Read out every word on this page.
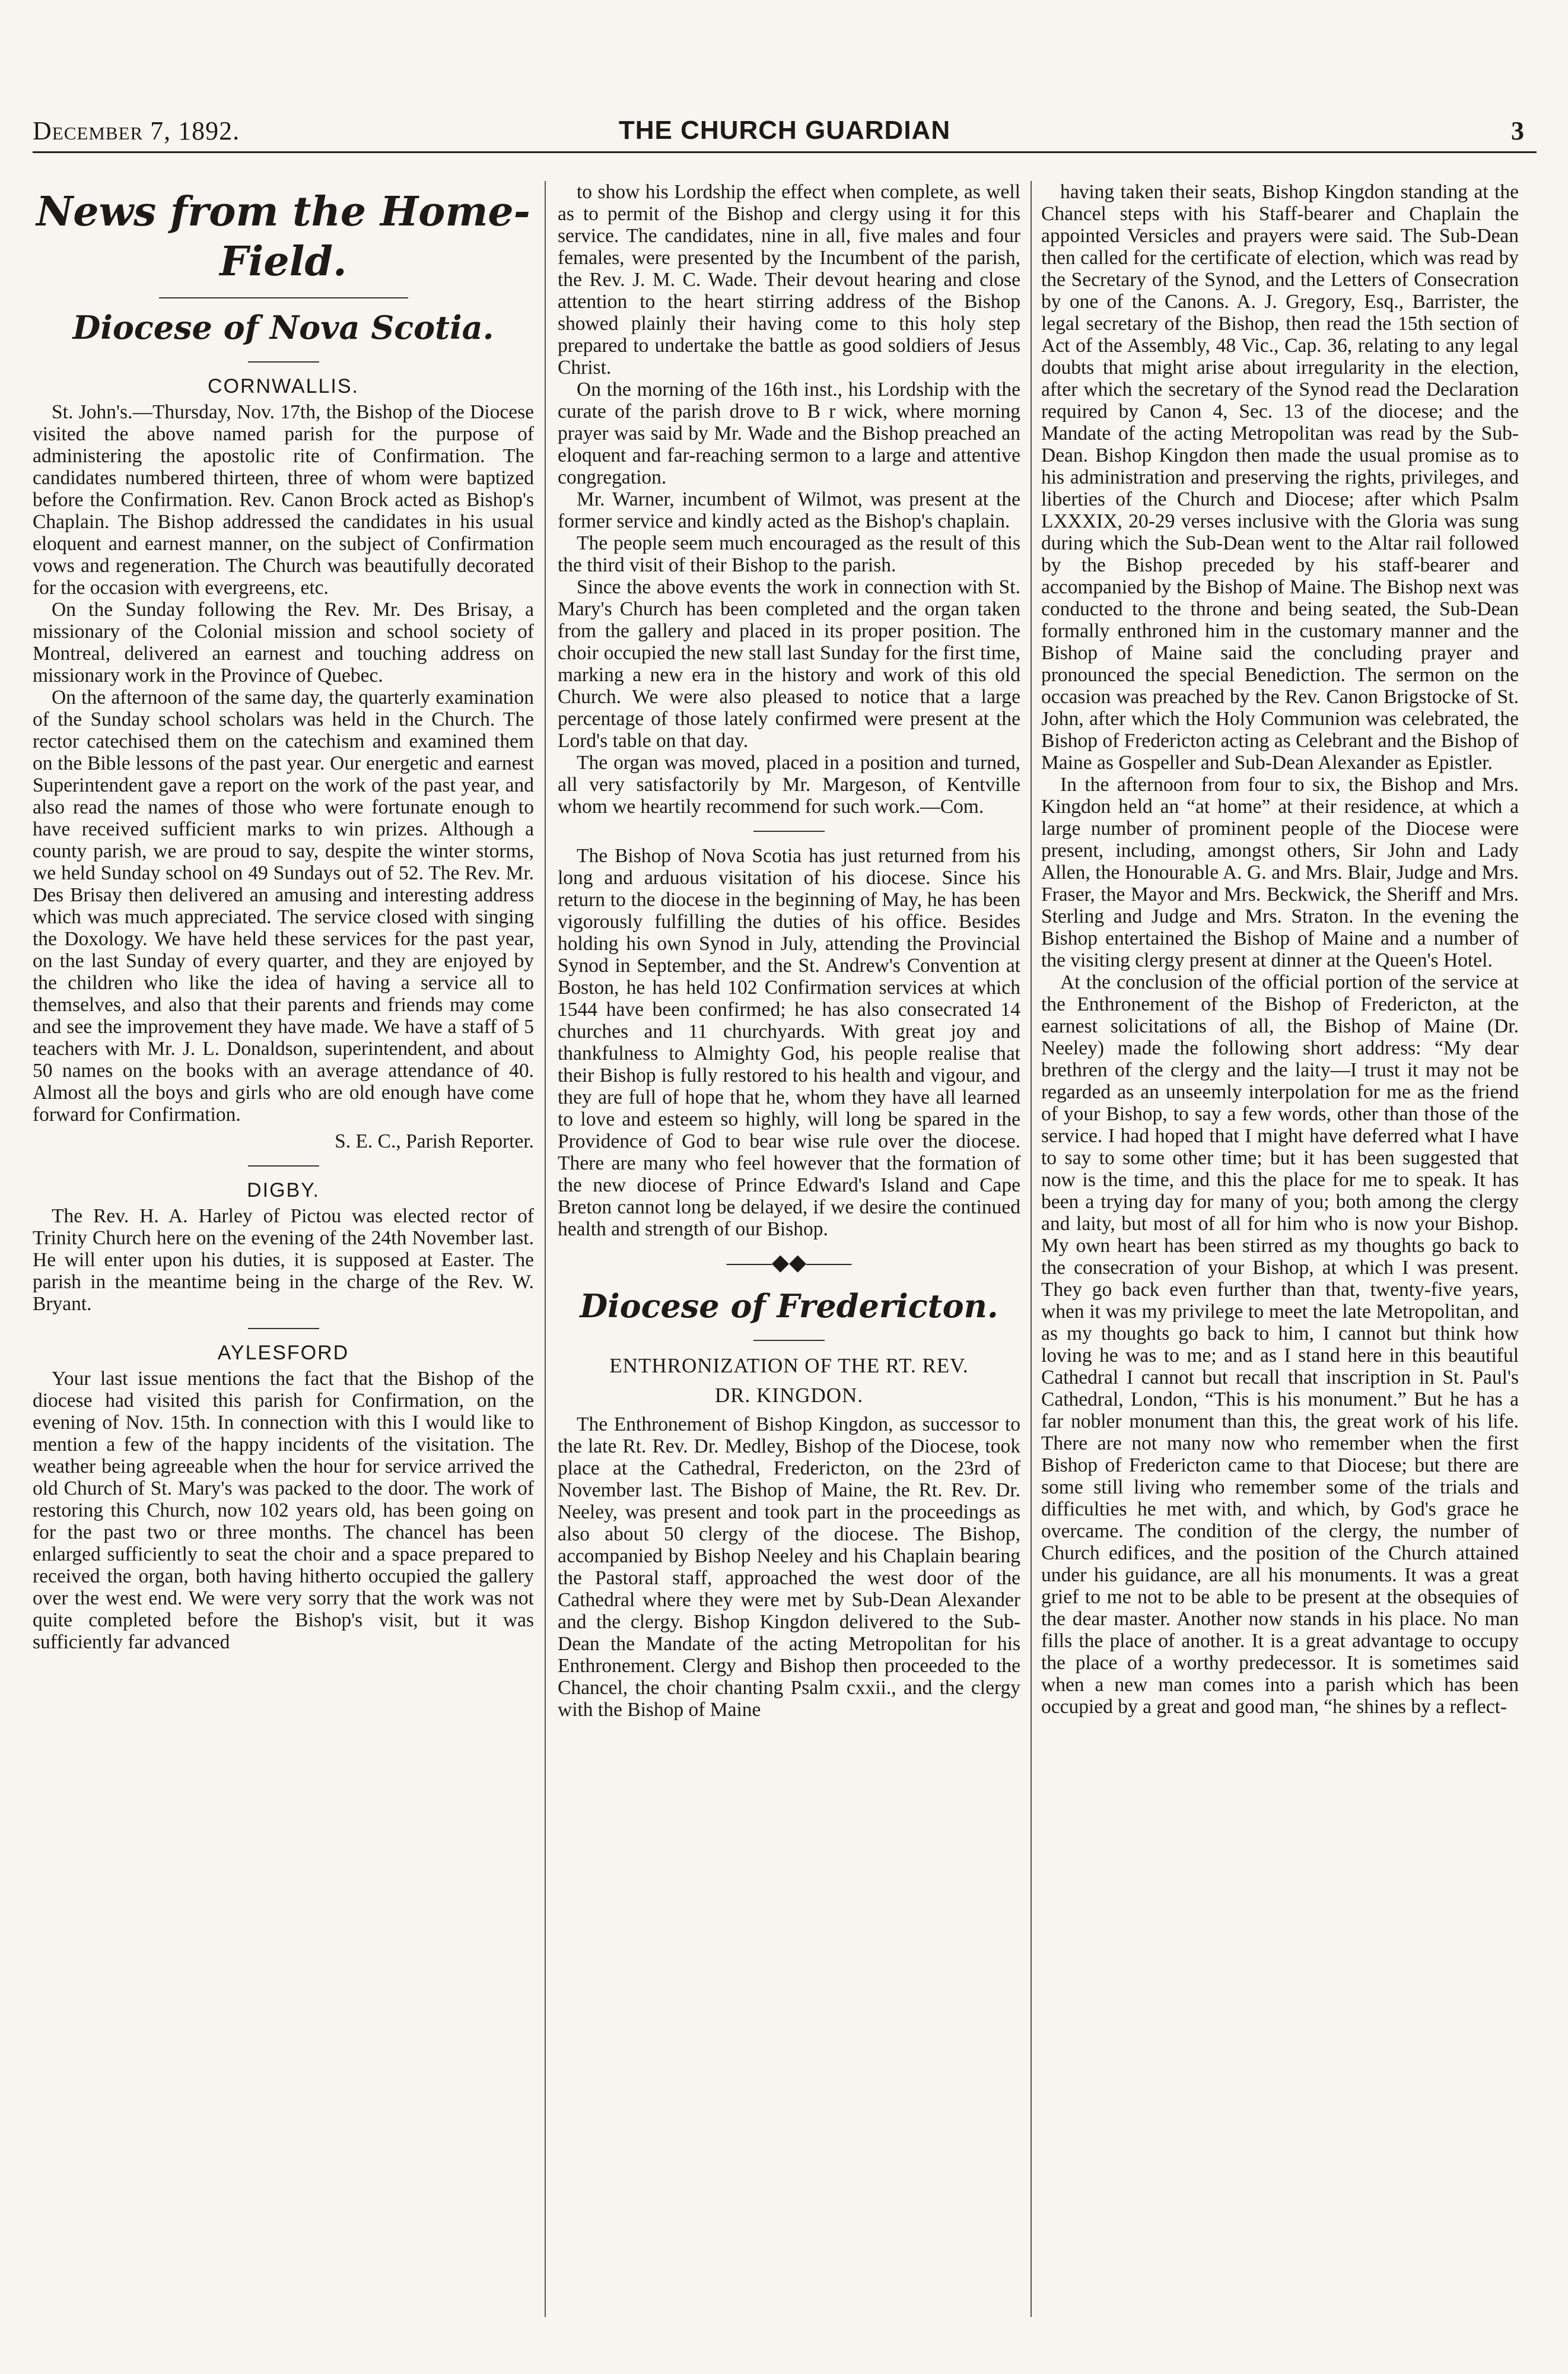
December 7, 1892.	THE CHURCH GUARDIAN	3
News from the Home-Field.
Diocese of Nova Scotia.
CORNWALLIS.

St. John's.—Thursday, Nov. 17th, the Bishop of the Diocese visited the above named parish for the purpose of administering the apostolic rite of Confirmation. The candidates numbered thirteen, three of whom were baptized before the Confirmation. Rev. Canon Brock acted as Bishop's Chaplain. The Bishop addressed the candidates in his usual eloquent and earnest manner, on the subject of Confirmation vows and regeneration. The Church was beautifully decorated for the occasion with evergreens, etc.

On the Sunday following the Rev. Mr. Des Brisay, a missionary of the Colonial mission and school society of Montreal, delivered an earnest and touching address on missionary work in the Province of Quebec.

On the afternoon of the same day, the quarterly examination of the Sunday school scholars was held in the Church. The rector catechised them on the catechism and examined them on the Bible lessons of the past year. Our energetic and earnest Superintendent gave a report on the work of the past year, and also read the names of those who were fortunate enough to have received sufficient marks to win prizes. Although a county parish, we are proud to say, despite the winter storms, we held Sunday school on 49 Sundays out of 52. The Rev. Mr. Des Brisay then delivered an amusing and interesting address which was much appreciated. The service closed with singing the Doxology. We have held these services for the past year, on the last Sunday of every quarter, and they are enjoyed by the children who like the idea of having a service all to themselves, and also that their parents and friends may come and see the improvement they have made. We have a staff of 5 teachers with Mr. J. L. Donaldson, superintendent, and about 50 names on the books with an average attendance of 40. Almost all the boys and girls who are old enough have come forward for Confirmation.

S. E. C., Parish Reporter.

DIGBY.

The Rev. H. A. Harley of Pictou was elected rector of Trinity Church here on the evening of the 24th November last. He will enter upon his duties, it is supposed at Easter. The parish in the meantime being in the charge of the Rev. W. Bryant.

AYLESFORD

Your last issue mentions the fact that the Bishop of the diocese had visited this parish for Confirmation, on the evening of Nov. 15th. In connection with this I would like to mention a few of the happy incidents of the visitation. The weather being agreeable when the hour for service arrived the old Church of St. Mary's was packed to the door. The work of restoring this Church, now 102 years old, has been going on for the past two or three months. The chancel has been enlarged sufficiently to seat the choir and a space prepared to received the organ, both having hitherto occupied the gallery over the west end. We were very sorry that the work was not quite completed before the Bishop's visit, but it was sufficiently far advanced

to show his Lordship the effect when complete, as well as to permit of the Bishop and clergy using it for this service. The candidates, nine in all, five males and four females, were presented by the Incumbent of the parish, the Rev. J. M. C. Wade. Their devout hearing and close attention to the heart stirring address of the Bishop showed plainly their having come to this holy step prepared to undertake the battle as good soldiers of Jesus Christ.

On the morning of the 16th inst., his Lordship with the curate of the parish drove to B r wick, where morning prayer was said by Mr. Wade and the Bishop preached an eloquent and far-reaching sermon to a large and attentive congregation.

Mr. Warner, incumbent of Wilmot, was present at the former service and kindly acted as the Bishop's chaplain.

The people seem much encouraged as the result of this the third visit of their Bishop to the parish.

Since the above events the work in connection with St. Mary's Church has been completed and the organ taken from the gallery and placed in its proper position. The choir occupied the new stall last Sunday for the first time, marking a new era in the history and work of this old Church. We were also pleased to notice that a large percentage of those lately confirmed were present at the Lord's table on that day.

The organ was moved, placed in a position and turned, all very satisfactorily by Mr. Margeson, of Kentville whom we heartily recommend for such work.—Com.

The Bishop of Nova Scotia has just returned from his long and arduous visitation of his diocese. Since his return to the diocese in the beginning of May, he has been vigorously fulfilling the duties of his office. Besides holding his own Synod in July, attending the Provincial Synod in September, and the St. Andrew's Convention at Boston, he has held 102 Confirmation services at which 1544 have been confirmed; he has also consecrated 14 churches and 11 churchyards. With great joy and thankfulness to Almighty God, his people realise that their Bishop is fully restored to his health and vigour, and they are full of hope that he, whom they have all learned to love and esteem so highly, will long be spared in the Providence of God to bear wise rule over the diocese. There are many who feel however that the formation of the new diocese of Prince Edward's Island and Cape Breton cannot long be delayed, if we desire the continued health and strength of our Bishop.

——◆◆——
Diocese of Fredericton.
ENTHRONIZATION OF THE RT. REV.
DR. KINGDON.

The Enthronement of Bishop Kingdon, as successor to the late Rt. Rev. Dr. Medley, Bishop of the Diocese, took place at the Cathedral, Fredericton, on the 23rd of November last. The Bishop of Maine, the Rt. Rev. Dr. Neeley, was present and took part in the proceedings as also about 50 clergy of the diocese. The Bishop, accompanied by Bishop Neeley and his Chaplain bearing the Pastoral staff, approached the west door of the Cathedral where they were met by Sub-Dean Alexander and the clergy. Bishop Kingdon delivered to the Sub-Dean the Mandate of the acting Metropolitan for his Enthronement. Clergy and Bishop then proceeded to the Chancel, the choir chanting Psalm cxxii., and the clergy with the Bishop of Maine

having taken their seats, Bishop Kingdon standing at the Chancel steps with his Staff-bearer and Chaplain the appointed Versicles and prayers were said. The Sub-Dean then called for the certificate of election, which was read by the Secretary of the Synod, and the Letters of Consecration by one of the Canons. A. J. Gregory, Esq., Barrister, the legal secretary of the Bishop, then read the 15th section of Act of the Assembly, 48 Vic., Cap. 36, relating to any legal doubts that might arise about irregularity in the election, after which the secretary of the Synod read the Declaration required by Canon 4, Sec. 13 of the diocese; and the Mandate of the acting Metropolitan was read by the Sub-Dean. Bishop Kingdon then made the usual promise as to his administration and preserving the rights, privileges, and liberties of the Church and Diocese; after which Psalm LXXXIX, 20-29 verses inclusive with the Gloria was sung during which the Sub-Dean went to the Altar rail followed by the Bishop preceded by his staff-bearer and accompanied by the Bishop of Maine. The Bishop next was conducted to the throne and being seated, the Sub-Dean formally enthroned him in the customary manner and the Bishop of Maine said the concluding prayer and pronounced the special Benediction. The sermon on the occasion was preached by the Rev. Canon Brigstocke of St. John, after which the Holy Communion was celebrated, the Bishop of Fredericton acting as Celebrant and the Bishop of Maine as Gospeller and Sub-Dean Alexander as Epistler.

In the afternoon from four to six, the Bishop and Mrs. Kingdon held an “at home” at their residence, at which a large number of prominent people of the Diocese were present, including, amongst others, Sir John and Lady Allen, the Honourable A. G. and Mrs. Blair, Judge and Mrs. Fraser, the Mayor and Mrs. Beckwick, the Sheriff and Mrs. Sterling and Judge and Mrs. Straton. In the evening the Bishop entertained the Bishop of Maine and a number of the visiting clergy present at dinner at the Queen's Hotel.

At the conclusion of the official portion of the service at the Enthronement of the Bishop of Fredericton, at the earnest solicitations of all, the Bishop of Maine (Dr. Neeley) made the following short address: “My dear brethren of the clergy and the laity—I trust it may not be regarded as an unseemly interpolation for me as the friend of your Bishop, to say a few words, other than those of the service. I had hoped that I might have deferred what I have to say to some other time; but it has been suggested that now is the time, and this the place for me to speak. It has been a trying day for many of you; both among the clergy and laity, but most of all for him who is now your Bishop. My own heart has been stirred as my thoughts go back to the consecration of your Bishop, at which I was present. They go back even further than that, twenty-five years, when it was my privilege to meet the late Metropolitan, and as my thoughts go back to him, I cannot but think how loving he was to me; and as I stand here in this beautiful Cathedral I cannot but recall that inscription in St. Paul's Cathedral, London, “This is his monument.” But he has a far nobler monument than this, the great work of his life. There are not many now who remember when the first Bishop of Fredericton came to that Diocese; but there are some still living who remember some of the trials and difficulties he met with, and which, by God's grace he overcame. The condition of the clergy, the number of Church edifices, and the position of the Church attained under his guidance, are all his monuments. It was a great grief to me not to be able to be present at the obsequies of the dear master. Another now stands in his place. No man fills the place of another. It is a great advantage to occupy the place of a worthy predecessor. It is sometimes said when a new man comes into a parish which has been occupied by a great and good man, “he shines by a reflect-
